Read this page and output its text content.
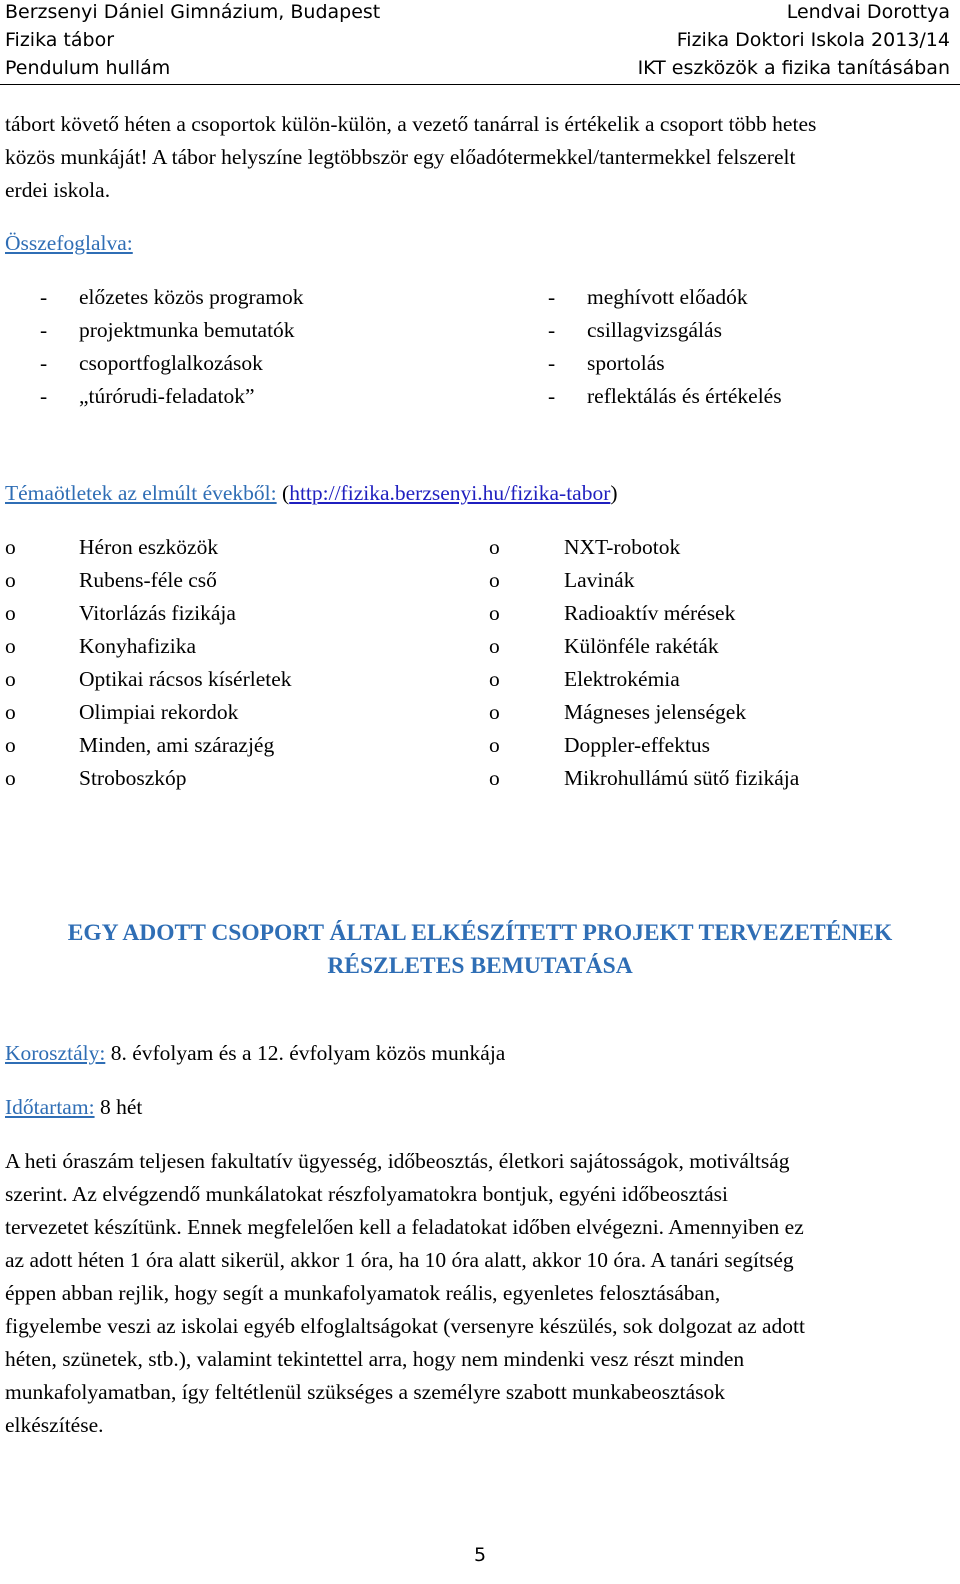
Berzsenyi Dániel Gimnázium, Budapest
Fizika tábor
Pendulum hullám
Lendvai Dorottya
Fizika Doktori Iskola 2013/14
IKT eszközök a fizika tanításában
tábort követő héten a csoportok külön-külön, a vezető tanárral is értékelik a csoport több hetes
közös munkáját! A tábor helyszíne legtöbbször egy előadótermekkel/tantermekkel felszerelt
erdei iskola.
Összefoglalva:
- előzetes közös programok	- meghívott előadók
- projektmunka bemutatók	- csillagvizsgálás
- csoportfoglalkozások	- sportolás
- „túrórudi-feladatok”	- reflektálás és értékelés
Témaötletek az elmúlt évekből: (http://fizika.berzsenyi.hu/fizika-tabor)
o	Héron eszközök	o	NXT-robotok
o	Rubens-féle cső	o	Lavinák
o	Vitorlázás fizikája	o	Radioaktív mérések
o	Konyhafizika	o	Különféle rakéták
o	Optikai rácsos kísérletek	o	Elektrokémia
o	Olimpiai rekordok	o	Mágneses jelenségek
o	Minden, ami szárazjég	o	Doppler-effektus
o	Stroboszkóp	o	Mikrohullámú sütő fizikája
EGY ADOTT CSOPORT ÁLTAL ELKÉSZÍTETT PROJEKT TERVEZETÉNEK
RÉSZLETES BEMUTATÁSA
Korosztály: 8. évfolyam és a 12. évfolyam közös munkája
Időtartam: 8 hét
A heti óraszám teljesen fakultatív ügyesség, időbeosztás, életkori sajátosságok, motiváltság
szerint. Az elvégzendő munkálatokat részfolyamatokra bontjuk, egyéni időbeosztási
tervezetet készítünk. Ennek megfelelően kell a feladatokat időben elvégezni. Amennyiben ez
az adott héten 1 óra alatt sikerül, akkor 1 óra, ha 10 óra alatt, akkor 10 óra. A tanári segítség
éppen abban rejlik, hogy segít a munkafolyamatok reális, egyenletes felosztásában,
figyelembe veszi az iskolai egyéb elfoglaltságokat (versenyre készülés, sok dolgozat az adott
héten, szünetek, stb.), valamint tekintettel arra, hogy nem mindenki vesz részt minden
munkafolyamatban, így feltétlenül szükséges a személyre szabott munkabeosztások
elkészítése.
5
